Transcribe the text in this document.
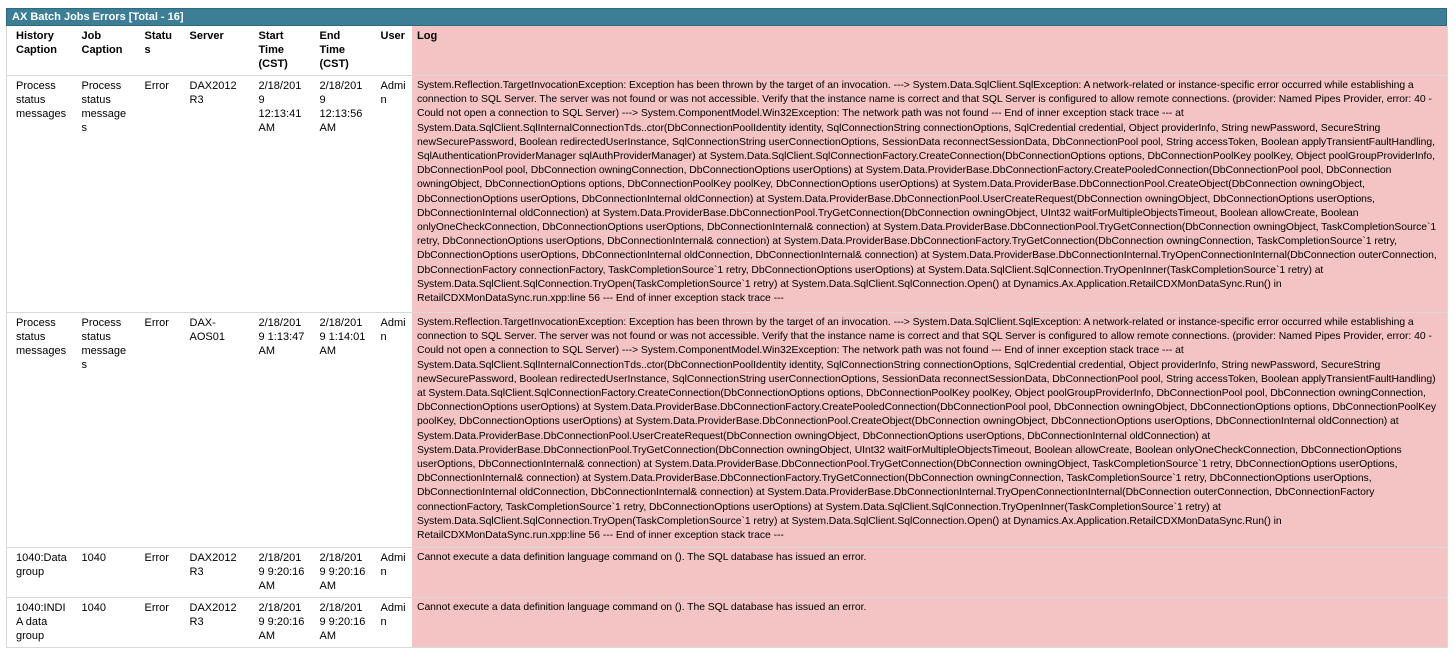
AX Batch Jobs Errors [Total - 16]
History Caption	Job Caption	Status	Server	Start Time (CST)	End Time (CST)	User	Log
Process status messages	Process status messages	Error	DAX2012R3	2/18/2019 12:13:41 AM	2/18/2019 12:13:56 AM	Admin	System.Reflection.TargetInvocationException: Exception has been thrown by the target of an invocation. ---> System.Data.SqlClient.SqlException: A network-related or instance-specific error occurred while establishing a connection to SQL Server. The server was not found or was not accessible. Verify that the instance name is correct and that SQL Server is configured to allow remote connections. (provider: Named Pipes Provider, error: 40 - Could not open a connection to SQL Server) ---> System.ComponentModel.Win32Exception: The network path was not found --- End of inner exception stack trace --- at System.Data.SqlClient.SqlInternalConnectionTds..ctor(DbConnectionPoolIdentity identity, SqlConnectionString connectionOptions, SqlCredential credential, Object providerInfo, String newPassword, SecureString newSecurePassword, Boolean redirectedUserInstance, SqlConnectionString userConnectionOptions, SessionData reconnectSessionData, DbConnectionPool pool, String accessToken, Boolean applyTransientFaultHandling, SqlAuthenticationProviderManager sqlAuthProviderManager) at System.Data.SqlClient.SqlConnectionFactory.CreateConnection(DbConnectionOptions options, DbConnectionPoolKey poolKey, Object poolGroupProviderInfo, DbConnectionPool pool, DbConnection owningConnection, DbConnectionOptions userOptions) at System.Data.ProviderBase.DbConnectionFactory.CreatePooledConnection(DbConnectionPool pool, DbConnection owningObject, DbConnectionOptions options, DbConnectionPoolKey poolKey, DbConnectionOptions userOptions) at System.Data.ProviderBase.DbConnectionPool.CreateObject(DbConnection owningObject, DbConnectionOptions userOptions, DbConnectionInternal oldConnection) at System.Data.ProviderBase.DbConnectionPool.UserCreateRequest(DbConnection owningObject, DbConnectionOptions userOptions, DbConnectionInternal oldConnection) at System.Data.ProviderBase.DbConnectionPool.TryGetConnection(DbConnection owningObject, UInt32 waitForMultipleObjectsTimeout, Boolean allowCreate, Boolean onlyOneCheckConnection, DbConnectionOptions userOptions, DbConnectionInternal& connection) at System.Data.ProviderBase.DbConnectionPool.TryGetConnection(DbConnection owningObject, TaskCompletionSource`1 retry, DbConnectionOptions userOptions, DbConnectionInternal& connection) at System.Data.ProviderBase.DbConnectionFactory.TryGetConnection(DbConnection owningConnection, TaskCompletionSource`1 retry, DbConnectionOptions userOptions, DbConnectionInternal oldConnection, DbConnectionInternal& connection) at System.Data.ProviderBase.DbConnectionInternal.TryOpenConnectionInternal(DbConnection outerConnection, DbConnectionFactory connectionFactory, TaskCompletionSource`1 retry, DbConnectionOptions userOptions) at System.Data.SqlClient.SqlConnection.TryOpenInner(TaskCompletionSource`1 retry) at System.Data.SqlClient.SqlConnection.TryOpen(TaskCompletionSource`1 retry) at System.Data.SqlClient.SqlConnection.Open() at Dynamics.Ax.Application.RetailCDXMonDataSync.Run() in RetailCDXMonDataSync.run.xpp:line 56 --- End of inner exception stack trace ---
Process status messages	Process status messages	Error	DAX-AOS01	2/18/2019 1:13:47 AM	2/18/2019 1:14:01 AM	Admin	System.Reflection.TargetInvocationException: Exception has been thrown by the target of an invocation. ---> System.Data.SqlClient.SqlException: A network-related or instance-specific error occurred while establishing a connection to SQL Server. The server was not found or was not accessible. Verify that the instance name is correct and that SQL Server is configured to allow remote connections. (provider: Named Pipes Provider, error: 40 - Could not open a connection to SQL Server) ---> System.ComponentModel.Win32Exception: The network path was not found --- End of inner exception stack trace --- at System.Data.SqlClient.SqlInternalConnectionTds..ctor(DbConnectionPoolIdentity identity, SqlConnectionString connectionOptions, SqlCredential credential, Object providerInfo, String newPassword, SecureString newSecurePassword, Boolean redirectedUserInstance, SqlConnectionString userConnectionOptions, SessionData reconnectSessionData, DbConnectionPool pool, String accessToken, Boolean applyTransientFaultHandling) at System.Data.SqlClient.SqlConnectionFactory.CreateConnection(DbConnectionOptions options, DbConnectionPoolKey poolKey, Object poolGroupProviderInfo, DbConnectionPool pool, DbConnection owningConnection, DbConnectionOptions userOptions) at System.Data.ProviderBase.DbConnectionFactory.CreatePooledConnection(DbConnectionPool pool, DbConnection owningObject, DbConnectionOptions options, DbConnectionPoolKey poolKey, DbConnectionOptions userOptions) at System.Data.ProviderBase.DbConnectionPool.CreateObject(DbConnection owningObject, DbConnectionOptions userOptions, DbConnectionInternal oldConnection) at System.Data.ProviderBase.DbConnectionPool.UserCreateRequest(DbConnection owningObject, DbConnectionOptions userOptions, DbConnectionInternal oldConnection) at System.Data.ProviderBase.DbConnectionPool.TryGetConnection(DbConnection owningObject, UInt32 waitForMultipleObjectsTimeout, Boolean allowCreate, Boolean onlyOneCheckConnection, DbConnectionOptions userOptions, DbConnectionInternal& connection) at System.Data.ProviderBase.DbConnectionPool.TryGetConnection(DbConnection owningObject, TaskCompletionSource`1 retry, DbConnectionOptions userOptions, DbConnectionInternal& connection) at System.Data.ProviderBase.DbConnectionFactory.TryGetConnection(DbConnection owningConnection, TaskCompletionSource`1 retry, DbConnectionOptions userOptions, DbConnectionInternal oldConnection, DbConnectionInternal& connection) at System.Data.ProviderBase.DbConnectionInternal.TryOpenConnectionInternal(DbConnection outerConnection, DbConnectionFactory connectionFactory, TaskCompletionSource`1 retry, DbConnectionOptions userOptions) at System.Data.SqlClient.SqlConnection.TryOpenInner(TaskCompletionSource`1 retry) at System.Data.SqlClient.SqlConnection.TryOpen(TaskCompletionSource`1 retry) at System.Data.SqlClient.SqlConnection.Open() at Dynamics.Ax.Application.RetailCDXMonDataSync.Run() in RetailCDXMonDataSync.run.xpp:line 56 --- End of inner exception stack trace ---
1040:Data group	1040	Error	DAX2012R3	2/18/2019 9:20:16 AM	2/18/2019 9:20:16 AM	Admin	Cannot execute a data definition language command on (). The SQL database has issued an error.
1040:INDIA data group	1040	Error	DAX2012R3	2/18/2019 9:20:16 AM	2/18/2019 9:20:16 AM	Admin	Cannot execute a data definition language command on (). The SQL database has issued an error.
